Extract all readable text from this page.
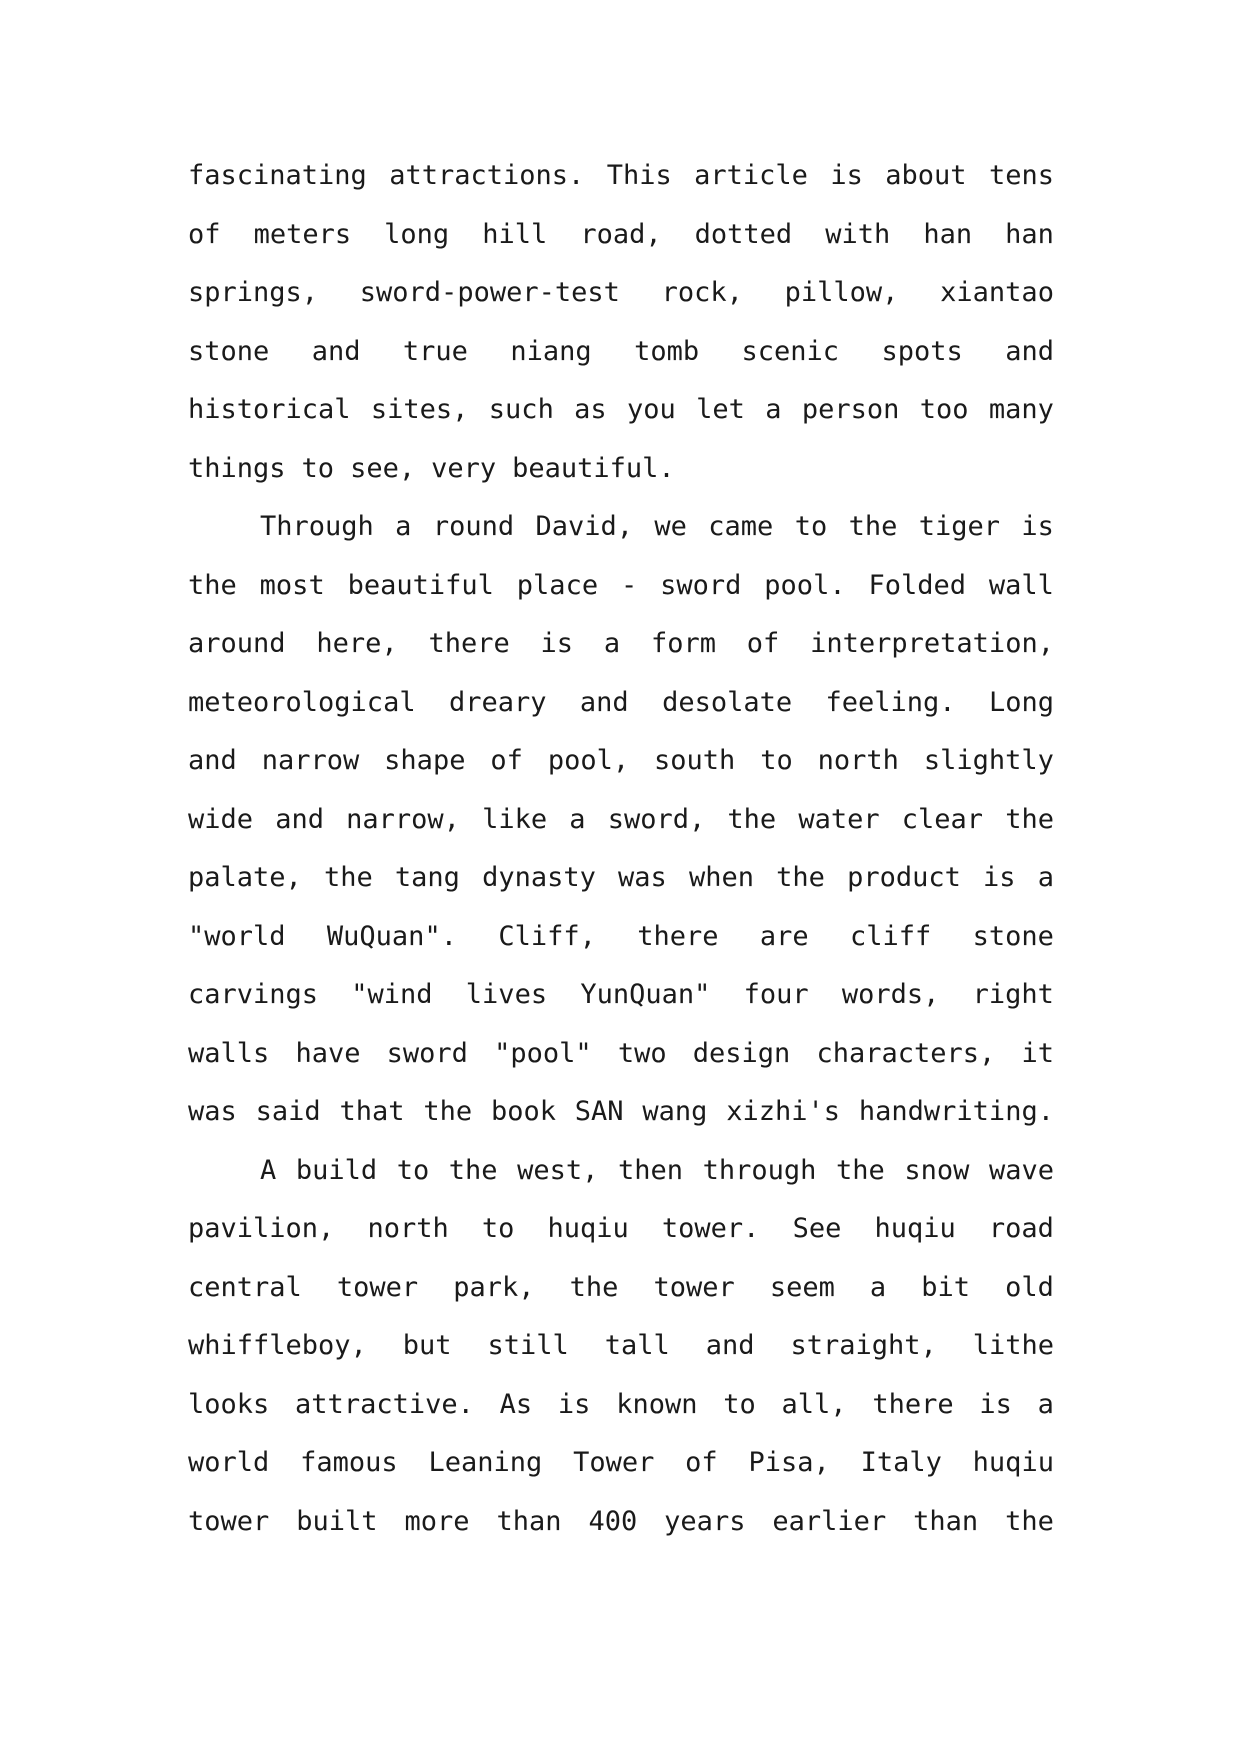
fascinating attractions. This article is about tens
of meters long hill road, dotted with han han
springs, sword-power-test rock, pillow, xiantao
stone and true niang tomb scenic spots and
historical sites, such as you let a person too many
things to see, very beautiful.
Through a round David, we came to the tiger is
the most beautiful place - sword pool. Folded wall
around here, there is a form of interpretation,
meteorological dreary and desolate feeling. Long
and narrow shape of pool, south to north slightly
wide and narrow, like a sword, the water clear the
palate, the tang dynasty was when the product is a
"world WuQuan". Cliff, there are cliff stone
carvings "wind lives YunQuan" four words, right
walls have sword "pool" two design characters, it
was said that the book SAN wang xizhi's handwriting.
A build to the west, then through the snow wave
pavilion, north to huqiu tower. See huqiu road
central tower park, the tower seem a bit old
whiffleboy, but still tall and straight, lithe
looks attractive. As is known to all, there is a
world famous Leaning Tower of Pisa, Italy huqiu
tower built more than 400 years earlier than the
